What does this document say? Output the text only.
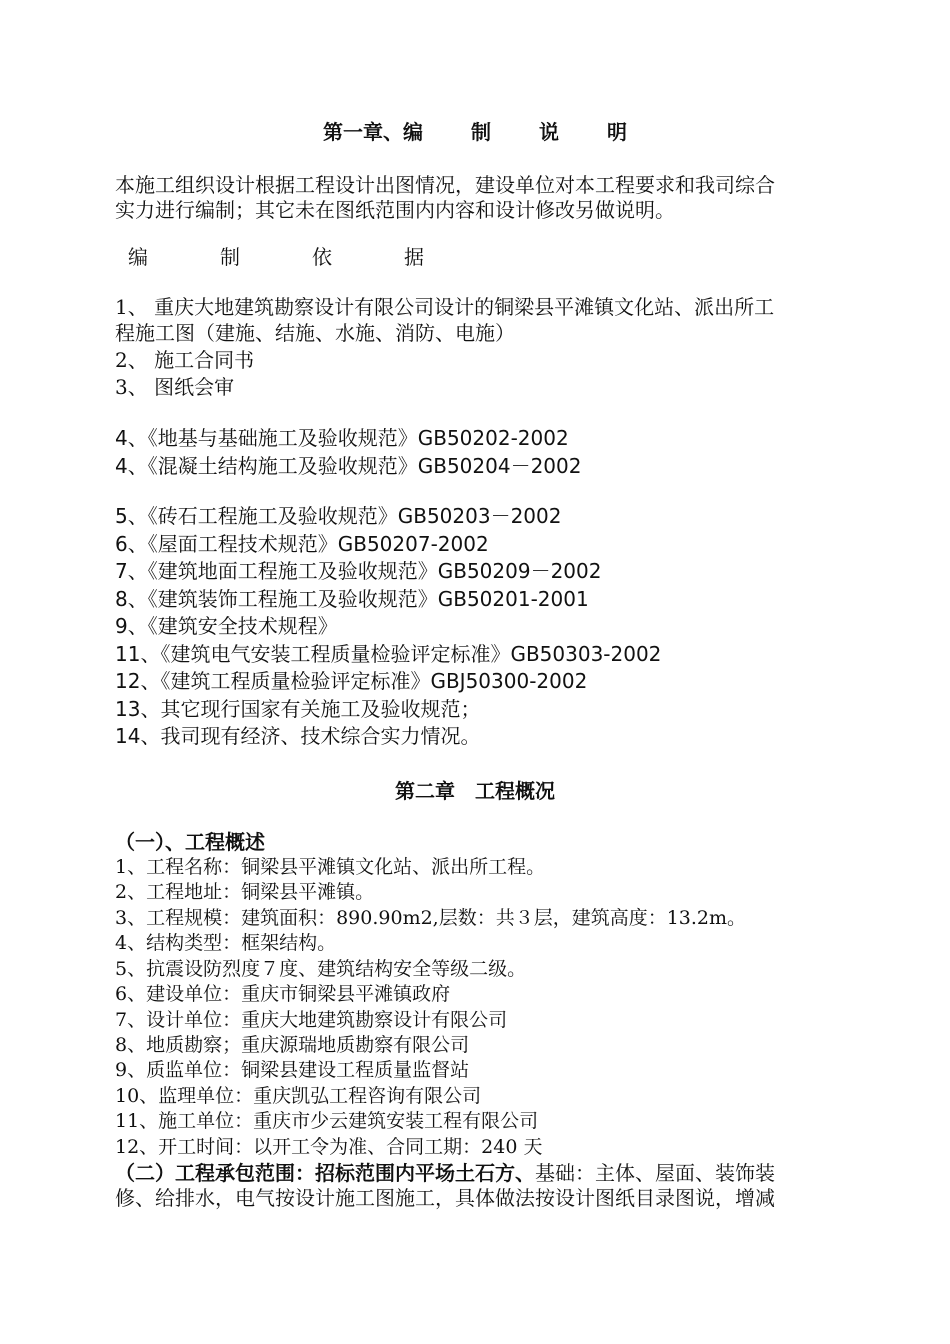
第一章、编 制 说 明
本施工组织设计根据工程设计出图情况，建设单位对本工程要求和我司综合
实力进行编制；其它未在图纸范围内内容和设计修改另做说明。
编	制	依	据
1、 重庆大地建筑勘察设计有限公司设计的铜梁县平滩镇文化站、派出所工
程施工图（建施、结施、水施、消防、电施）
2、 施工合同书
3、 图纸会审
4、《地基与基础施工及验收规范》GB50202-2002
4、《混凝土结构施工及验收规范》GB50204－2002
5、《砖石工程施工及验收规范》GB50203－2002
6、《屋面工程技术规范》GB50207-2002
7、《建筑地面工程施工及验收规范》GB50209－2002
8、《建筑装饰工程施工及验收规范》GB50201-2001
9、《建筑安全技术规程》
11、《建筑电气安装工程质量检验评定标准》GB50303-2002
12、《建筑工程质量检验评定标准》GBJ50300-2002
13、其它现行国家有关施工及验收规范；
14、我司现有经济、技术综合实力情况。
第二章　工程概况
（一）、工程概述
1、工程名称：铜梁县平滩镇文化站、派出所工程。
2、工程地址：铜梁县平滩镇。
3、工程规模：建筑面积：890.90m2,层数：共３层，建筑高度：13.2m。
4、结构类型：框架结构。
5、抗震设防烈度７度、建筑结构安全等级二级。
6、建设单位：重庆市铜梁县平滩镇政府
7、设计单位：重庆大地建筑勘察设计有限公司
8、地质勘察；重庆源瑞地质勘察有限公司
9、质监单位：铜梁县建设工程质量监督站
10、监理单位：重庆凯弘工程咨询有限公司
11、施工单位：重庆市少云建筑安装工程有限公司
12、开工时间：以开工令为准、合同工期：240 天
（二）工程承包范围：招标范围内平场土石方、基础：主体、屋面、装饰装
修、给排水，电气按设计施工图施工，具体做法按设计图纸目录图说，增减
